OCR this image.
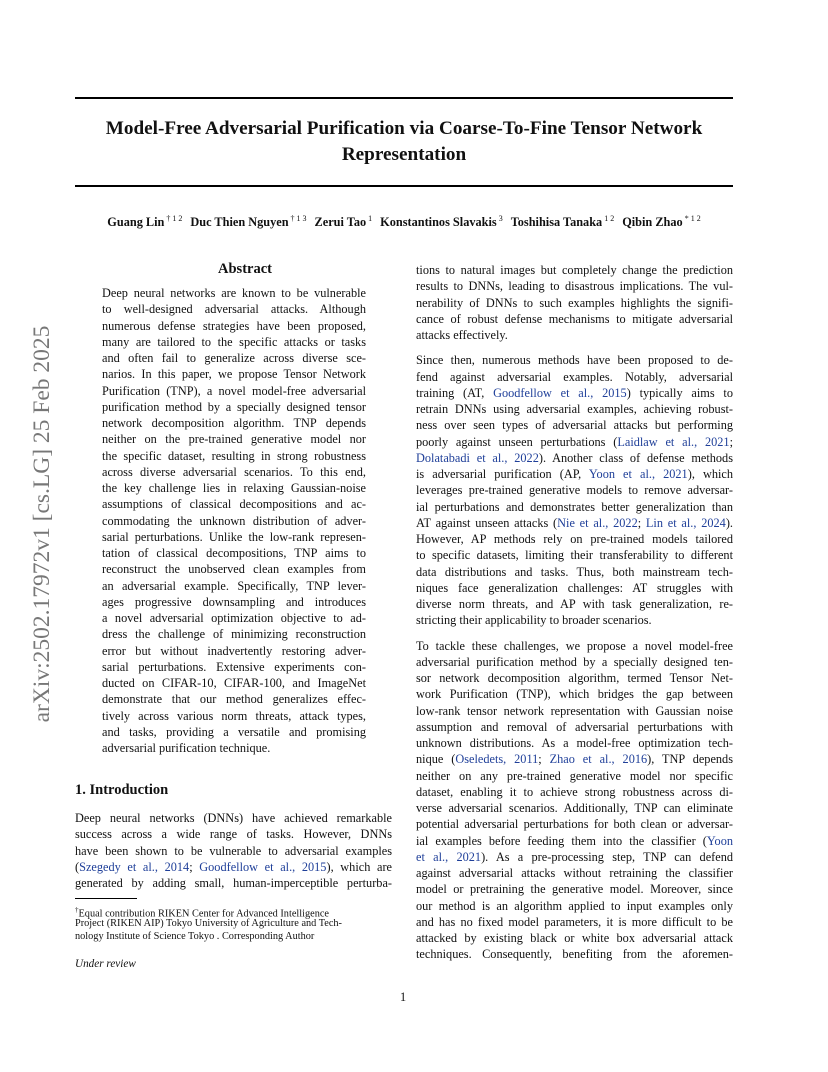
Model-Free Adversarial Purification via Coarse-To-Fine Tensor Network
Representation
Guang Lin $^{\dagger 1 2}$ Duc Thien Nguyen $^{\dagger 1 3}$ Zerui Tao $^1$ Konstantinos Slavakis $^3$ Toshihisa Tanaka $^{1 2}$ Qibin Zhao $^{* 1 2}$
arXiv:2502.17972v1 [cs.LG] 25 Feb 2025
Abstract
Deep neural networks are known to be vulnerable
to well-designed adversarial attacks. Although
numerous defense strategies have been proposed,
many are tailored to the specific attacks or tasks
and often fail to generalize across diverse sce-
narios. In this paper, we propose Tensor Network
Purification (TNP), a novel model-free adversarial
purification method by a specially designed tensor
network decomposition algorithm. TNP depends
neither on the pre-trained generative model nor
the specific dataset, resulting in strong robustness
across diverse adversarial scenarios. To this end,
the key challenge lies in relaxing Gaussian-noise
assumptions of classical decompositions and ac-
commodating the unknown distribution of adver-
sarial perturbations. Unlike the low-rank represen-
tation of classical decompositions, TNP aims to
reconstruct the unobserved clean examples from
an adversarial example. Specifically, TNP lever-
ages progressive downsampling and introduces
a novel adversarial optimization objective to ad-
dress the challenge of minimizing reconstruction
error but without inadvertently restoring adver-
sarial perturbations. Extensive experiments con-
ducted on CIFAR-10, CIFAR-100, and ImageNet
demonstrate that our method generalizes effec-
tively across various norm threats, attack types,
and tasks, providing a versatile and promising
adversarial purification technique.
1. Introduction
Deep neural networks (DNNs) have achieved remarkable
success across a wide range of tasks. However, DNNs
have been shown to be vulnerable to adversarial examples
(Szegedy et al., 2014; Goodfellow et al., 2015), which are
generated by adding small, human-imperceptible perturba-
†Equal contribution RIKEN Center for Advanced Intelligence
Project (RIKEN AIP) Tokyo University of Agriculture and Tech-
nology Institute of Science Tokyo . Corresponding Author
Under review
tions to natural images but completely change the prediction
results to DNNs, leading to disastrous implications. The vul-
nerability of DNNs to such examples highlights the signifi-
cance of robust defense mechanisms to mitigate adversarial
attacks effectively.
Since then, numerous methods have been proposed to de-
fend against adversarial examples. Notably, adversarial
training (AT, Goodfellow et al., 2015) typically aims to
retrain DNNs using adversarial examples, achieving robust-
ness over seen types of adversarial attacks but performing
poorly against unseen perturbations (Laidlaw et al., 2021;
Dolatabadi et al., 2022). Another class of defense methods
is adversarial purification (AP, Yoon et al., 2021), which
leverages pre-trained generative models to remove adversar-
ial perturbations and demonstrates better generalization than
AT against unseen attacks (Nie et al., 2022; Lin et al., 2024).
However, AP methods rely on pre-trained models tailored
to specific datasets, limiting their transferability to different
data distributions and tasks. Thus, both mainstream tech-
niques face generalization challenges: AT struggles with
diverse norm threats, and AP with task generalization, re-
stricting their applicability to broader scenarios.
To tackle these challenges, we propose a novel model-free
adversarial purification method by a specially designed ten-
sor network decomposition algorithm, termed Tensor Net-
work Purification (TNP), which bridges the gap between
low-rank tensor network representation with Gaussian noise
assumption and removal of adversarial perturbations with
unknown distributions. As a model-free optimization tech-
nique (Oseledets, 2011; Zhao et al., 2016), TNP depends
neither on any pre-trained generative model nor specific
dataset, enabling it to achieve strong robustness across di-
verse adversarial scenarios. Additionally, TNP can eliminate
potential adversarial perturbations for both clean or adversar-
ial examples before feeding them into the classifier (Yoon
et al., 2021). As a pre-processing step, TNP can defend
against adversarial attacks without retraining the classifier
model or pretraining the generative model. Moreover, since
our method is an algorithm applied to input examples only
and has no fixed model parameters, it is more difficult to be
attacked by existing black or white box adversarial attack
techniques. Consequently, benefiting from the aforemen-
1
